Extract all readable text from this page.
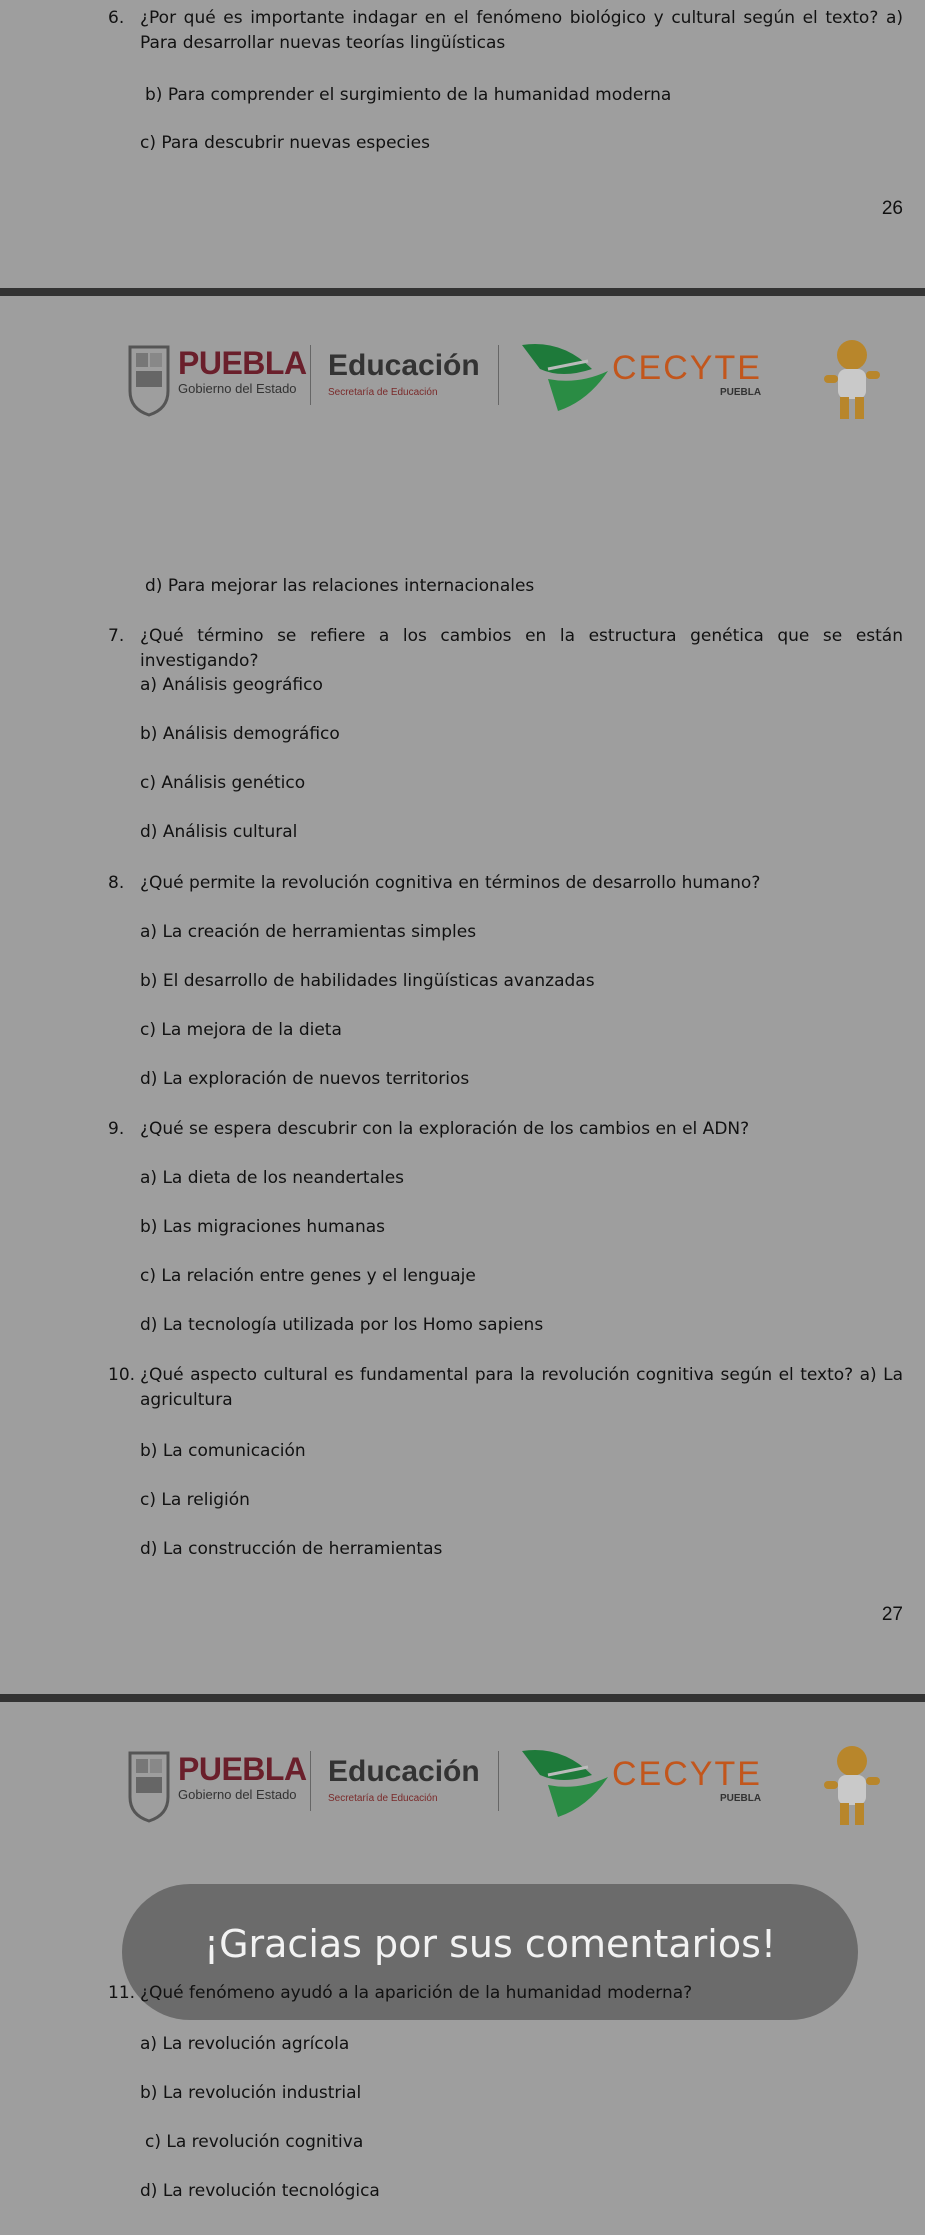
6. ¿Por qué es importante indagar en el fenómeno biológico y cultural según el texto? a) Para desarrollar nuevas teorías lingüísticas
b) Para comprender el surgimiento de la humanidad moderna
c) Para descubrir nuevas especies
26
PUEBLA
Gobierno del Estado
Educación
Secretaría de Educación
CECYTE
PUEBLA
d) Para mejorar las relaciones internacionales
7. ¿Qué término se refiere a los cambios en la estructura genética que se están investigando?
a) Análisis geográfico
b) Análisis demográfico
c) Análisis genético
d) Análisis cultural
8. ¿Qué permite la revolución cognitiva en términos de desarrollo humano?
a) La creación de herramientas simples
b) El desarrollo de habilidades lingüísticas avanzadas
c) La mejora de la dieta
d) La exploración de nuevos territorios
9. ¿Qué se espera descubrir con la exploración de los cambios en el ADN?
a) La dieta de los neandertales
b) Las migraciones humanas
c) La relación entre genes y el lenguaje
d) La tecnología utilizada por los Homo sapiens
10. ¿Qué aspecto cultural es fundamental para la revolución cognitiva según el texto? a) La agricultura
b) La comunicación
c) La religión
d) La construcción de herramientas
27
PUEBLA
Gobierno del Estado
Educación
Secretaría de Educación
CECYTE
PUEBLA
¡Gracias por sus comentarios!
11. ¿Qué fenómeno ayudó a la aparición de la humanidad moderna?
a) La revolución agrícola
b) La revolución industrial
c) La revolución cognitiva
d) La revolución tecnológica
